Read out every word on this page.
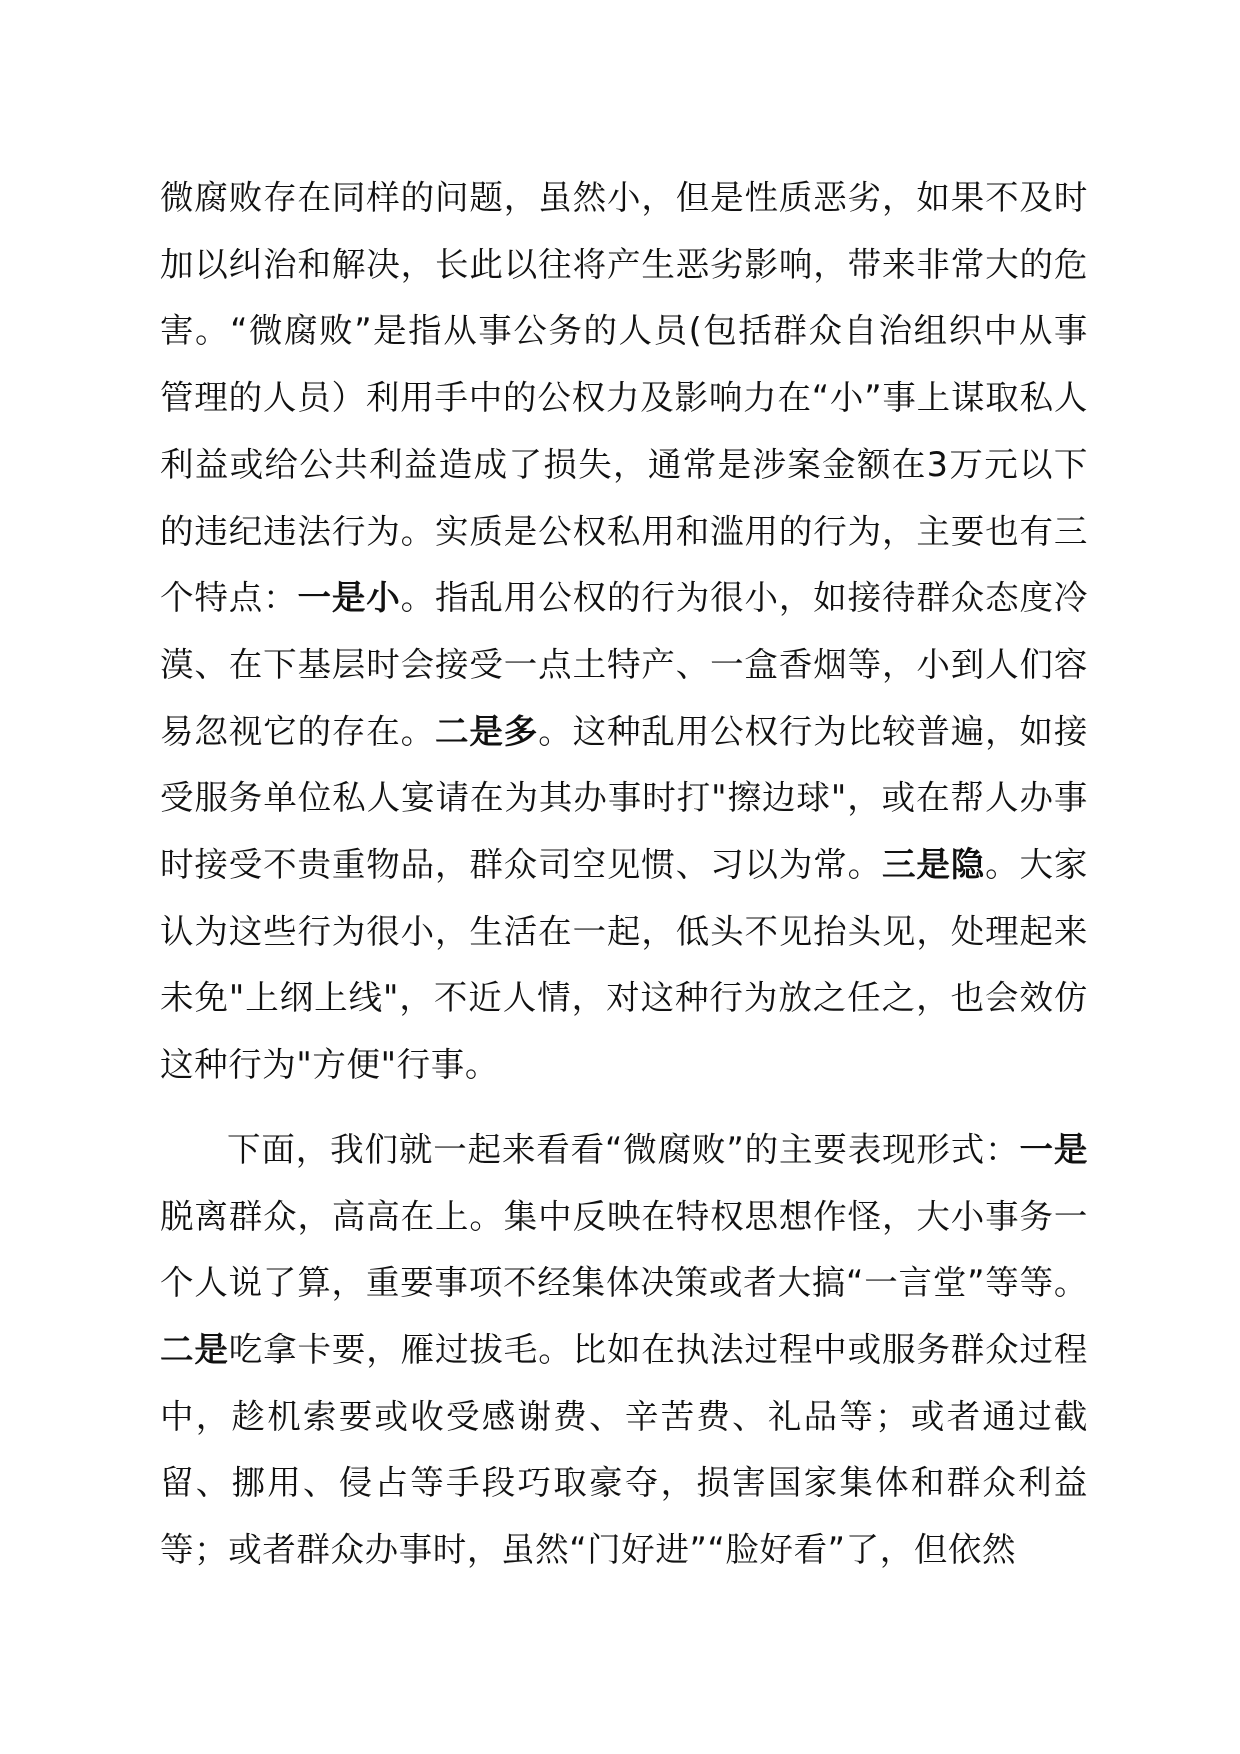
微腐败存在同样的问题，虽然小，但是性质恶劣，如果不及时加以纠治和解决，长此以往将产生恶劣影响，带来非常大的危害。“微腐败”是指从事公务的人员(包括群众自治组织中从事管理的人员）利用手中的公权力及影响力在“小”事上谋取私人利益或给公共利益造成了损失，通常是涉案金额在3万元以下的违纪违法行为。实质是公权私用和滥用的行为，主要也有三个特点：一是小。指乱用公权的行为很小，如接待群众态度冷漠、在下基层时会接受一点土特产、一盒香烟等，小到人们容易忽视它的存在。二是多。这种乱用公权行为比较普遍，如接受服务单位私人宴请在为其办事时打"擦边球"，或在帮人办事时接受不贵重物品，群众司空见惯、习以为常。三是隐。大家认为这些行为很小，生活在一起，低头不见抬头见，处理起来未免"上纲上线"，不近人情，对这种行为放之任之，也会效仿这种行为"方便"行事。

下面，我们就一起来看看“微腐败”的主要表现形式：一是脱离群众，高高在上。集中反映在特权思想作怪，大小事务一个人说了算，重要事项不经集体决策或者大搞“一言堂”等等。二是吃拿卡要，雁过拔毛。比如在执法过程中或服务群众过程中，趁机索要或收受感谢费、辛苦费、礼品等；或者通过截留、挪用、侵占等手段巧取豪夺，损害国家集体和群众利益等；或者群众办事时，虽然“门好进”“脸好看”了，但依然
